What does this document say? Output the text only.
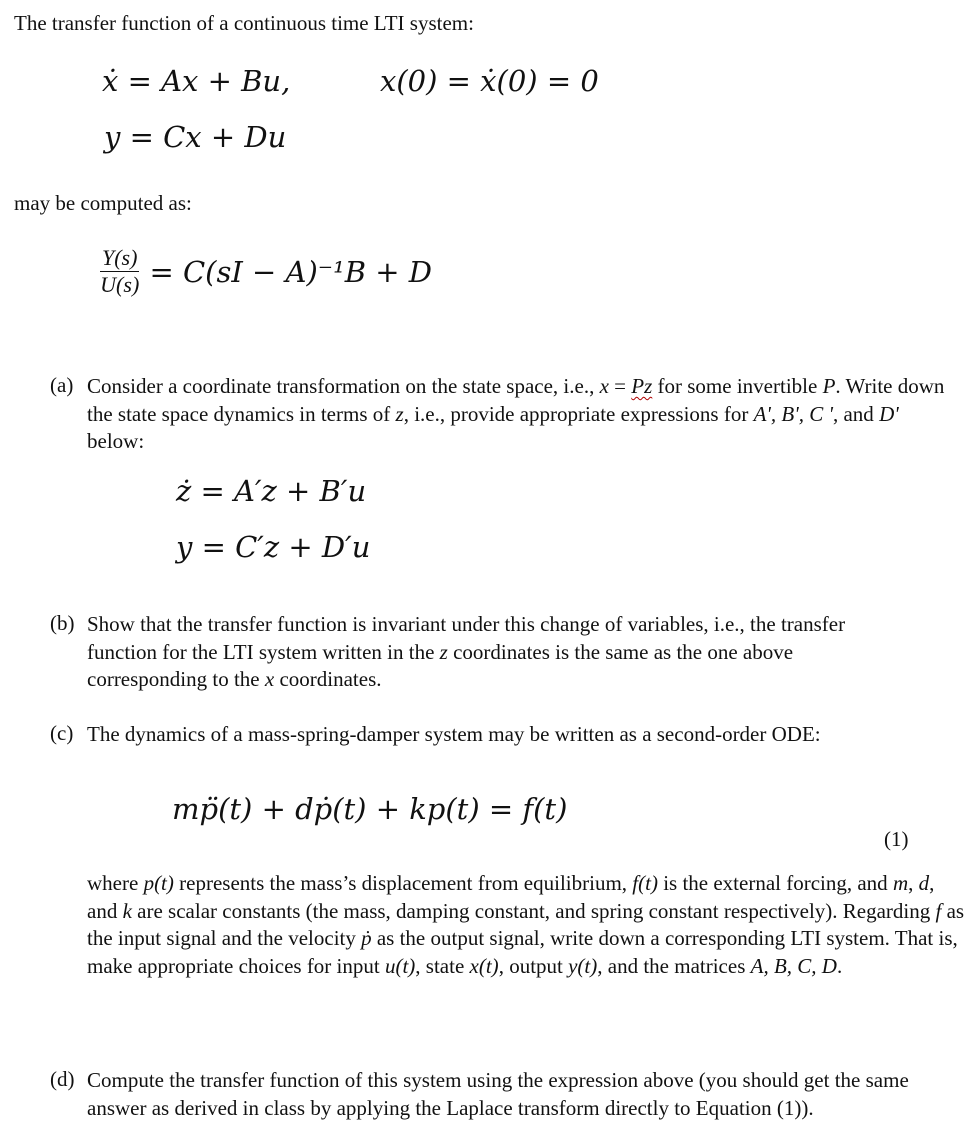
The transfer function of a continuous time LTI system:
ẋ = Ax + Bu,	x(0) = ẋ(0) = 0
y = Cx + Du
may be computed as:
$\frac{Y(s)}{U(s)} = C(sI - A)^{-1}B + D$
(a) Consider a coordinate transformation on the state space, i.e., x = Pz for some invertible P. Write down the state space dynamics in terms of z, i.e., provide appropriate expressions for A', B', C ', and D' below:
ż = A′z + B′u
y = C′z + D′u
(b) Show that the transfer function is invariant under this change of variables, i.e., the transfer function for the LTI system written in the z coordinates is the same as the one above corresponding to the x coordinates.
(c) The dynamics of a mass-spring-damper system may be written as a second-order ODE:
mp̈(t) + dṗ(t) + kp(t) = f(t)
(1)
where p(t) represents the mass’s displacement from equilibrium, f(t) is the external forcing, and m, d, and k are scalar constants (the mass, damping constant, and spring constant respectively). Regarding f as the input signal and the velocity ṗ as the output signal, write down a corresponding LTI system. That is, make appropriate choices for input u(t), state x(t), output y(t), and the matrices A, B, C, D.
(d) Compute the transfer function of this system using the expression above (you should get the same answer as derived in class by applying the Laplace transform directly to Equation (1)).
